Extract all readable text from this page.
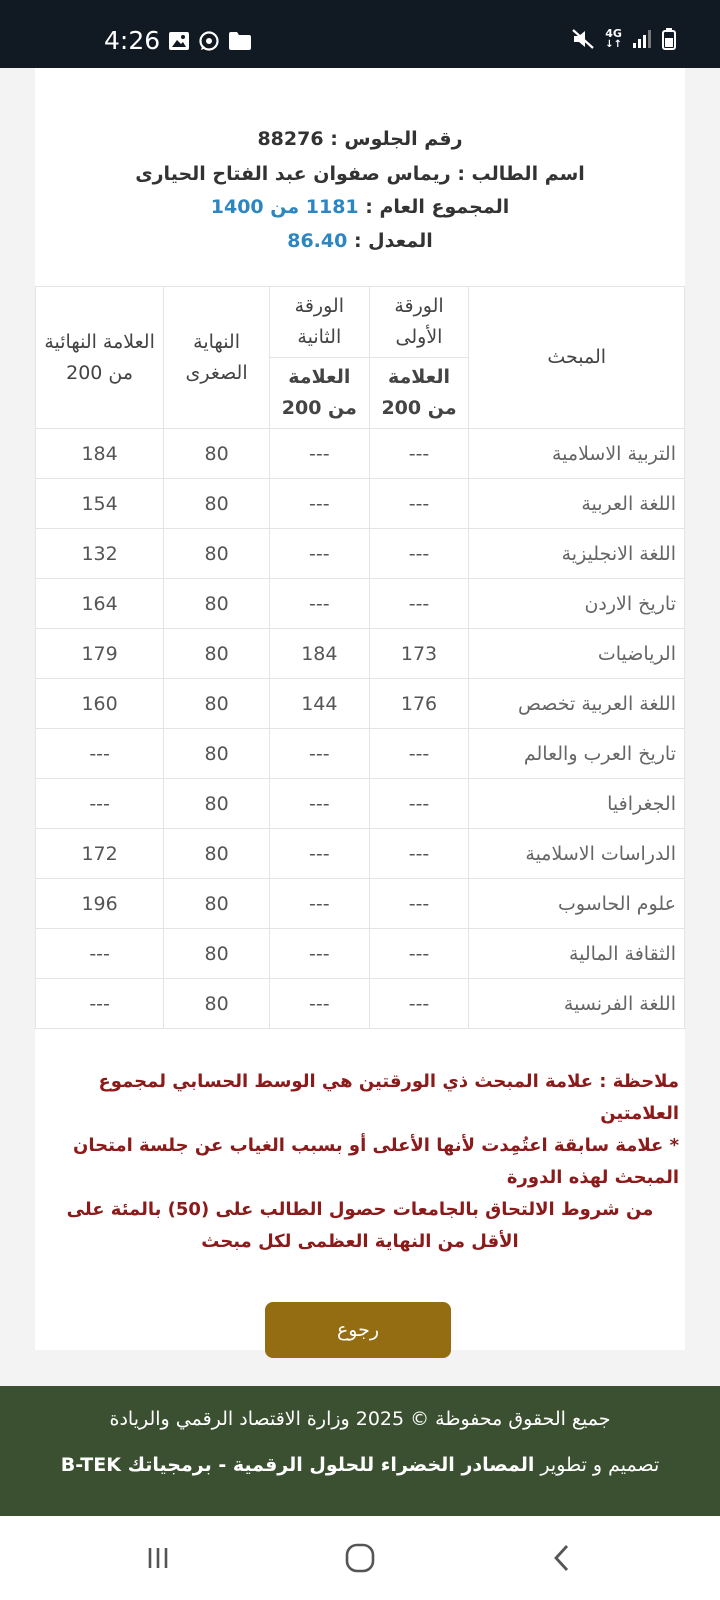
4:26	4G
↓↑
رقم الجلوس : 88276
اسم الطالب : ريماس صفوان عبد الفتاح الحيارى
المجموع العام : 1181 من 1400
المعدل : 86.40
المبحث	الورقة الأولى	الورقة الثانية	النهاية الصغرى	العلامة النهائية من 200
	العلامة من 200	العلامة من 200		
التربية الاسلامية	---	---	80	184
اللغة العربية	---	---	80	154
اللغة الانجليزية	---	---	80	132
تاريخ الاردن	---	---	80	164
الرياضيات	173	184	80	179
اللغة العربية تخصص	176	144	80	160
تاريخ العرب والعالم	---	---	80	---
الجغرافيا	---	---	80	---
الدراسات الاسلامية	---	---	80	172
علوم الحاسوب	---	---	80	196
الثقافة المالية	---	---	80	---
اللغة الفرنسية	---	---	80	---

ملاحظة : علامة المبحث ذي الورقتين هي الوسط الحسابي لمجموع العلامتين

* علامة سابقة اعتُمِدت لأنها الأعلى أو بسبب الغياب عن جلسة امتحان المبحث لهذه الدورة

من شروط الالتحاق بالجامعات حصول الطالب على (50) بالمئة على الأقل من النهاية العظمى لكل مبحث

رجوع
جميع الحقوق محفوظة © 2025 وزارة الاقتصاد الرقمي والريادة
تصميم و تطوير المصادر الخضراء للحلول الرقمية - برمجياتك B-TEK
